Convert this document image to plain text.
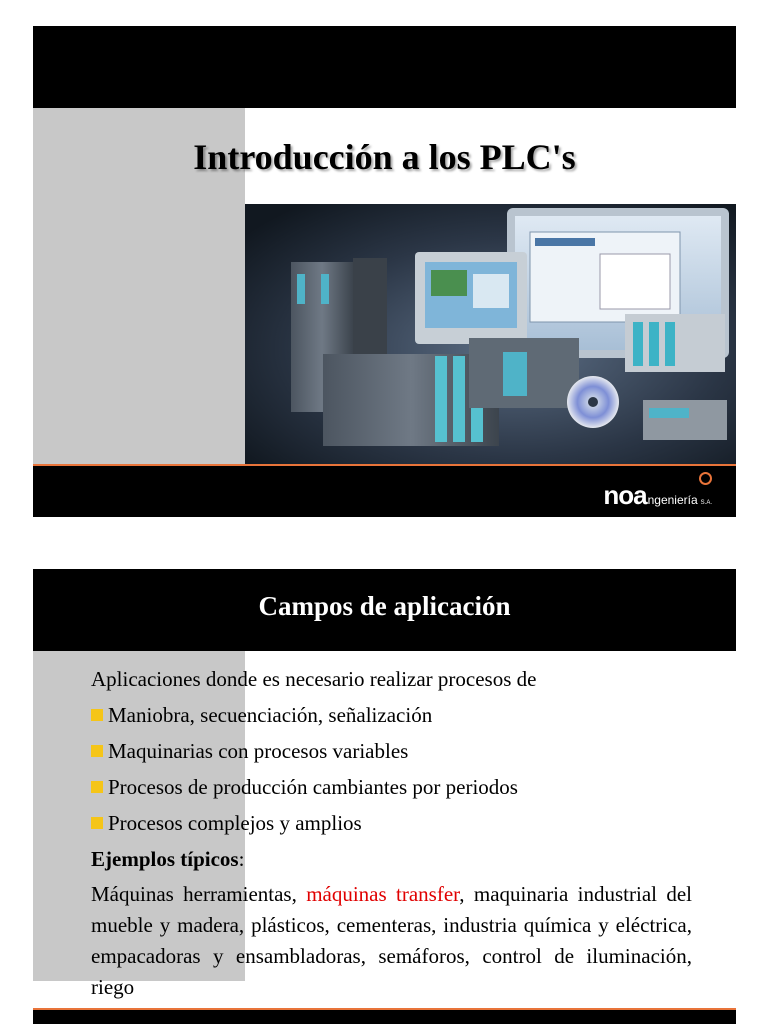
Introducción a los PLC's
noa ngeniería S.A.
Campos de aplicación

Aplicaciones donde es necesario realizar procesos de

Maniobra, secuenciación, señalización
Maquinarias con procesos variables
Procesos de producción cambiantes por periodos
Procesos complejos y amplios

Ejemplos típicos:

Máquinas herramientas, máquinas transfer, maquinaria industrial del mueble y madera, plásticos, cementeras, industria química y eléctrica, empacadoras y ensambladoras, semáforos, control de iluminación, riego
